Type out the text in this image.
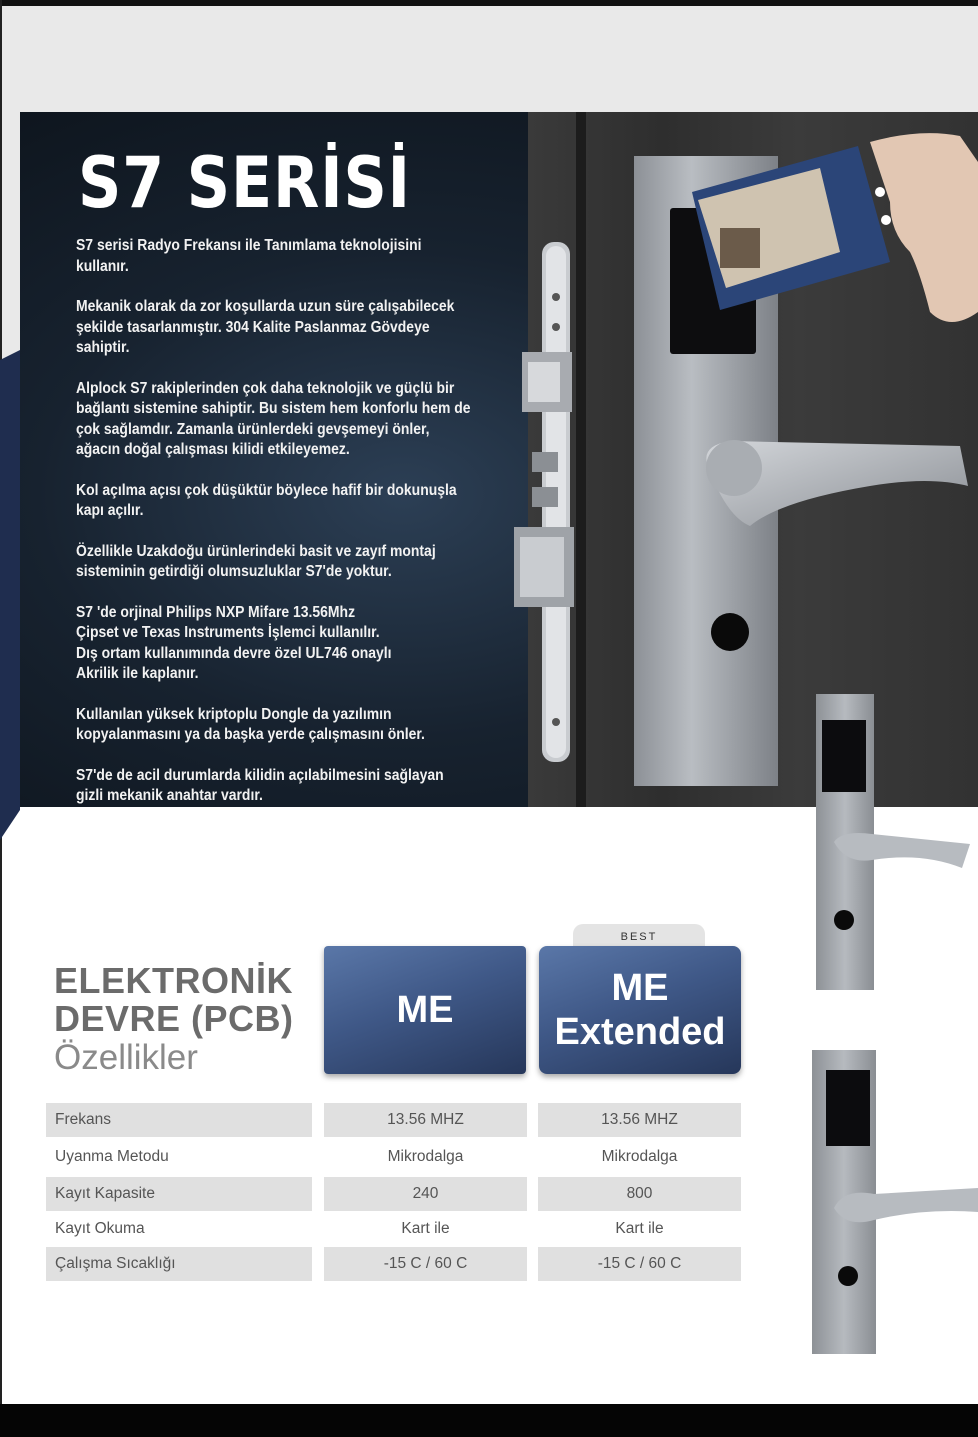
S7 SERİSİ

S7 serisi Radyo Frekansı ile Tanımlama teknolojisini
kullanır.

Mekanik olarak da zor koşullarda uzun süre çalışabilecek
şekilde tasarlanmıştır. 304 Kalite Paslanmaz Gövdeye
sahiptir.

Alplock S7 rakiplerinden çok daha teknolojik ve güçlü bir
bağlantı sistemine sahiptir. Bu sistem hem konforlu hem de
çok sağlamdır. Zamanla ürünlerdeki gevşemeyi önler,
ağacın doğal çalışması kilidi etkileyemez.

Kol açılma açısı çok düşüktür böylece hafif bir dokunuşla
kapı açılır.

Özellikle Uzakdoğu ürünlerindeki basit ve zayıf montaj
sisteminin getirdiği olumsuzluklar S7'de yoktur.

S7 'de orjinal Philips NXP Mifare 13.56Mhz
Çipset ve Texas Instruments İşlemci kullanılır.
Dış ortam kullanımında devre özel UL746 onaylı
Akrilik ile kaplanır.

Kullanılan yüksek kriptoplu Dongle da yazılımın
kopyalanmasını ya da başka yerde çalışmasını önler.

S7'de de acil durumlarda kilidin açılabilmesini sağlayan
gizli mekanik anahtar vardır.

ELEKTRONİK
DEVRE (PCB)
Özellikler
BEST
ME
ME
Extended
Frekans	13.56 MHZ	13.56 MHZ
Uyanma Metodu	Mikrodalga	Mikrodalga
Kayıt Kapasite	240	800
Kayıt Okuma	Kart ile	Kart ile
Çalışma Sıcaklığı	-15 C / 60 C	-15 C / 60 C
